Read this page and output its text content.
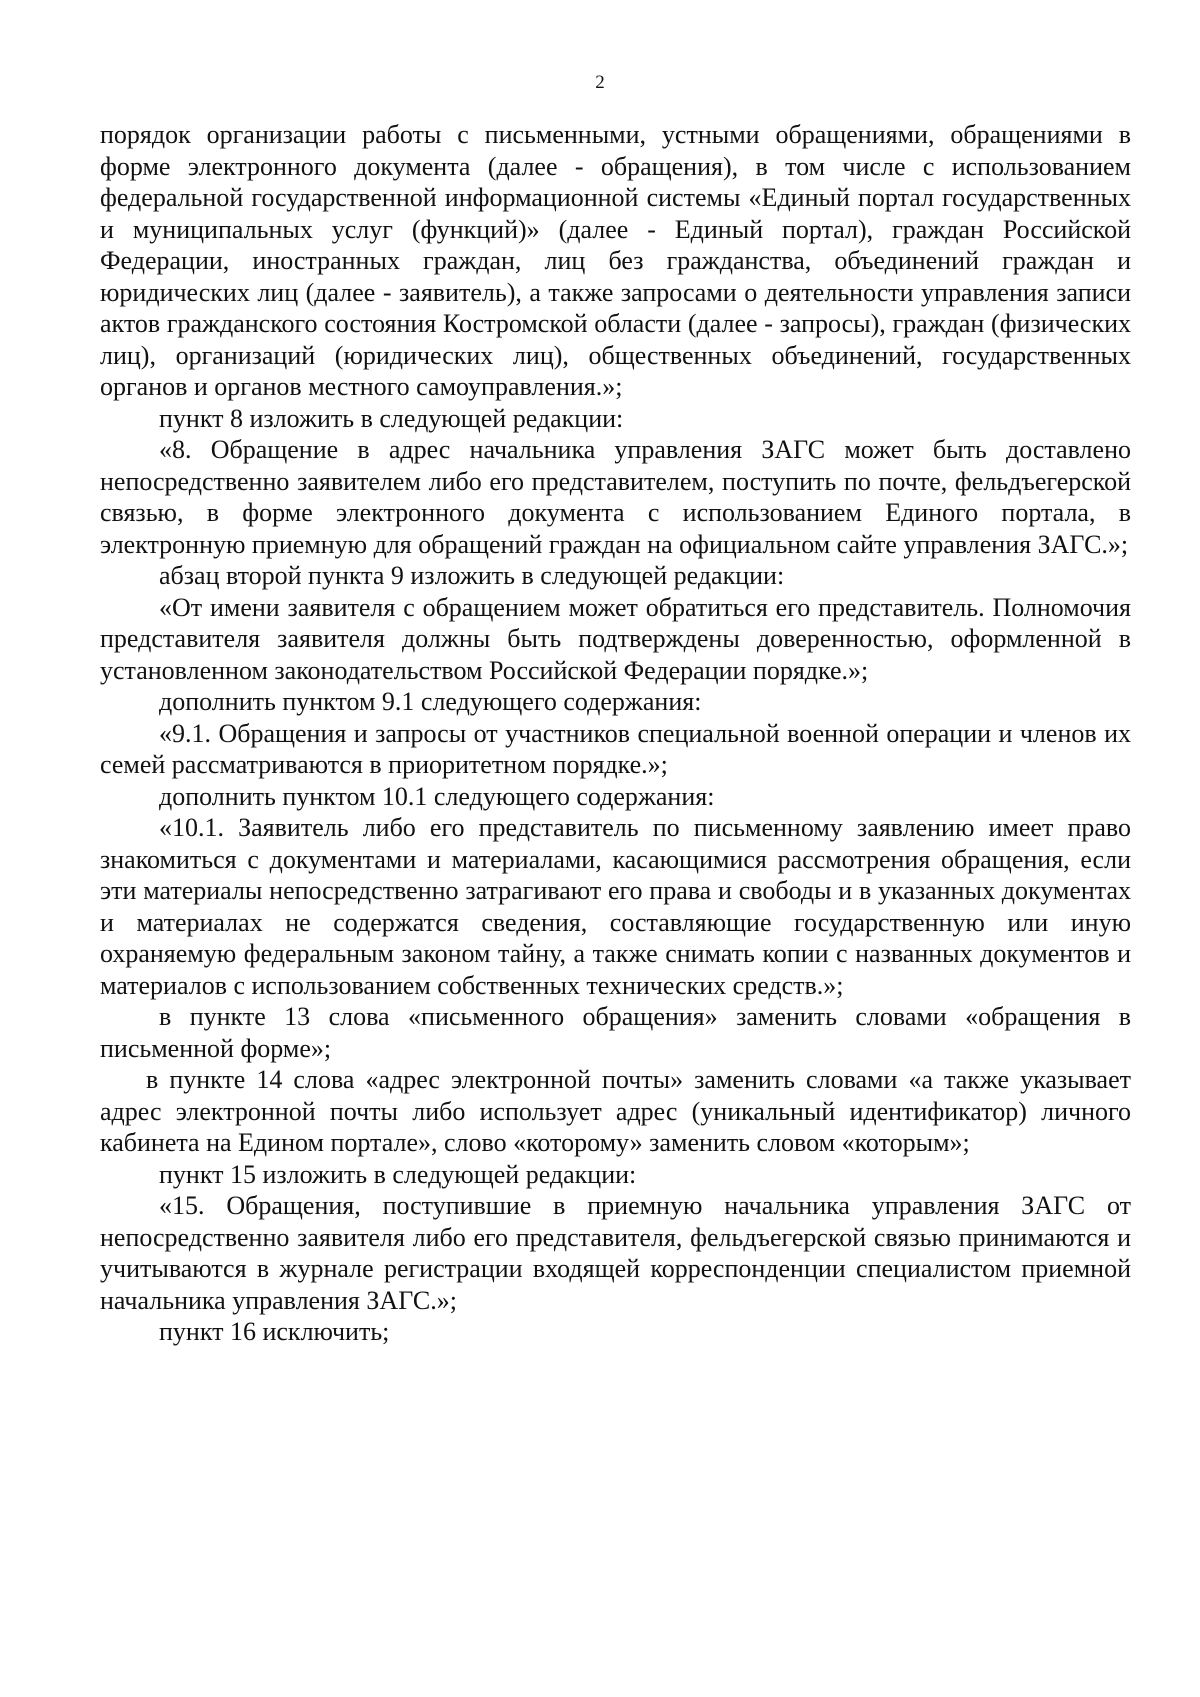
2

порядок организации работы с письменными, устными обращениями, обращениями в форме электронного документа (далее - обращения), в том числе с использованием федеральной государственной информационной системы «Единый портал государственных и муниципальных услуг (функций)» (далее - Единый портал), граждан Российской Федерации, иностранных граждан, лиц без гражданства, объединений граждан и юридических лиц (далее - заявитель), а также запросами о деятельности управления записи актов гражданского состояния Костромской области (далее - запросы), граждан (физических лиц), организаций (юридических лиц), общественных объединений, государственных органов и органов местного самоуправления.»;

пункт 8 изложить в следующей редакции:

«8. Обращение в адрес начальника управления ЗАГС может быть доставлено непосредственно заявителем либо его представителем, поступить по почте, фельдъегерской связью, в форме электронного документа с использованием Единого портала, в электронную приемную для обращений граждан на официальном сайте управления ЗАГС.»;

абзац второй пункта 9 изложить в следующей редакции:

«От имени заявителя с обращением может обратиться его представитель. Полномочия представителя заявителя должны быть подтверждены доверенностью, оформленной в установленном законодательством Российской Федерации порядке.»;

дополнить пунктом 9.1 следующего содержания:

«9.1. Обращения и запросы от участников специальной военной операции и членов их семей рассматриваются в приоритетном порядке.»;

дополнить пунктом 10.1 следующего содержания:

«10.1. Заявитель либо его представитель по письменному заявлению имеет право знакомиться с документами и материалами, касающимися рассмотрения обращения, если эти материалы непосредственно затрагивают его права и свободы и в указанных документах и материалах не содержатся сведения, составляющие государственную или иную охраняемую федеральным законом тайну, а также снимать копии с названных документов и материалов с использованием собственных технических средств.»;

в пункте 13 слова «письменного обращения» заменить словами «обращения в письменной форме»;

в пункте 14 слова «адрес электронной почты» заменить словами «а также указывает адрес электронной почты либо использует адрес (уникальный идентификатор) личного кабинета на Едином портале», слово «которому» заменить словом «которым»;

пункт 15 изложить в следующей редакции:

«15. Обращения, поступившие в приемную начальника управления ЗАГС от непосредственно заявителя либо его представителя, фельдъегерской связью принимаются и учитываются в журнале регистрации входящей корреспонденции специалистом приемной начальника управления ЗАГС.»;

пункт 16 исключить;
